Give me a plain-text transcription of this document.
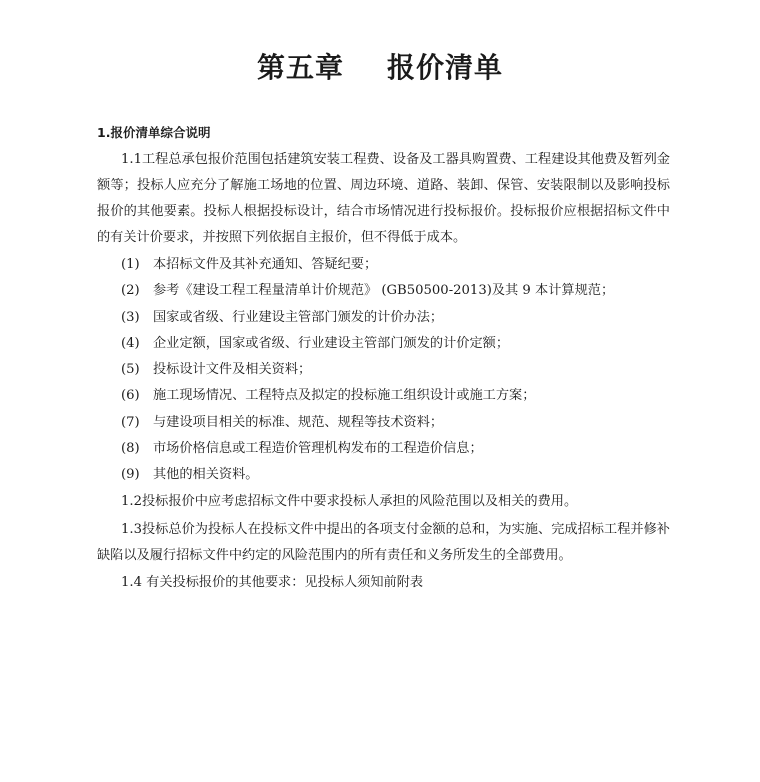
第五章    报价清单
1.报价清单综合说明

1.1工程总承包报价范围包括建筑安装工程费、设备及工器具购置费、工程建设其他费及暂列金额等；投标人应充分了解施工场地的位置、周边环境、道路、装卸、保管、安装限制以及影响投标报价的其他要素。投标人根据投标设计，结合市场情况进行投标报价。投标报价应根据招标文件中的有关计价要求，并按照下列依据自主报价，但不得低于成本。

(1) 本招标文件及其补充通知、答疑纪要；
(2) 参考《建设工程工程量清单计价规范》 (GB50500-2013)及其 9 本计算规范；
(3) 国家或省级、行业建设主管部门颁发的计价办法；
(4) 企业定额，国家或省级、行业建设主管部门颁发的计价定额；
(5) 投标设计文件及相关资料；
(6) 施工现场情况、工程特点及拟定的投标施工组织设计或施工方案；
(7) 与建设项目相关的标准、规范、规程等技术资料；
(8) 市场价格信息或工程造价管理机构发布的工程造价信息；
(9) 其他的相关资料。

1.2投标报价中应考虑招标文件中要求投标人承担的风险范围以及相关的费用。

1.3投标总价为投标人在投标文件中提出的各项支付金额的总和，为实施、完成招标工程并修补缺陷以及履行招标文件中约定的风险范围内的所有责任和义务所发生的全部费用。

1.4 有关投标报价的其他要求：见投标人须知前附表
